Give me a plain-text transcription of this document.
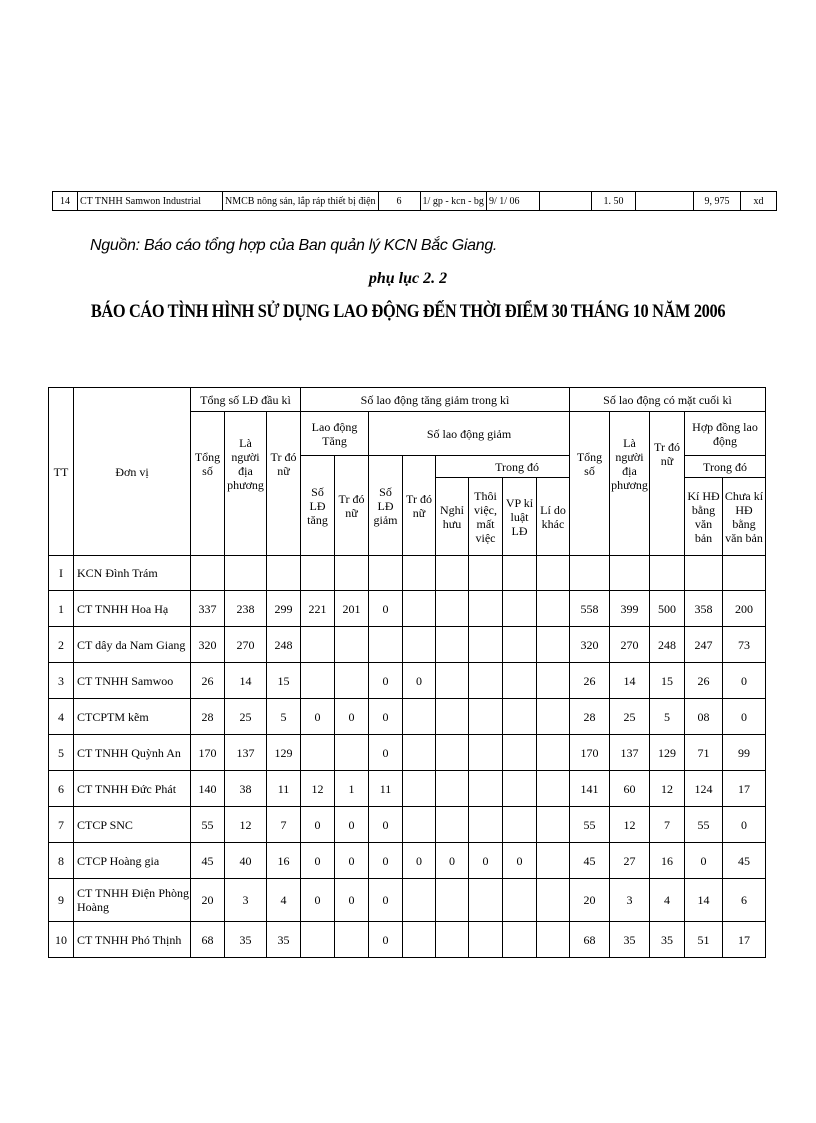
14	CT TNHH Samwon Industrial	NMCB nông sản, lắp ráp thiết bị điện	6	1/ gp - kcn - bg	9/ 1/ 06		1. 50		9, 975	xd
Nguồn: Báo cáo tổng hợp của Ban quản lý KCN Bắc Giang.
phụ lục 2. 2
BÁO CÁO TÌNH HÌNH SỬ DỤNG LAO ĐỘNG ĐẾN THỜI ĐIỂM 30 THÁNG 10 NĂM 2006
TT	Đơn vị	Tổng số LĐ đầu kì			Số lao động tăng giảm trong kì								Số lao động có mặt cuối kì				
		Tổng số	Là người địa phương	Tr đó nữ	Lao động Tăng		Số lao động giảm						Tổng số	Là người địa phương	Tr đó nữ	Hợp đồng lao động	
					Số LĐ tăng	Tr đó nữ	Số LĐ giảm	Tr đó nữ	Trong đó							Trong đó	
									Nghỉ hưu	Thôi việc, mất việc	VP kỉ luật LĐ	Lí do khác				Kí HĐ bằng văn bản	Chưa kí HĐ bằng văn bản

I	KCN Đình Trám																
1	CT TNHH Hoa Hạ	337	238	299	221	201	0						558	399	500	358	200
2	CT dây da Nam Giang	320	270	248									320	270	248	247	73
3	CT TNHH Samwoo	26	14	15			0	0					26	14	15	26	0
4	CTCPTM kẽm	28	25	5	0	0	0						28	25	5	08	0
5	CT TNHH Quỳnh An	170	137	129			0						170	137	129	71	99
6	CT TNHH Đức Phát	140	38	11	12	1	11						141	60	12	124	17
7	CTCP SNC	55	12	7	0	0	0						55	12	7	55	0
8	CTCP Hoàng gia	45	40	16	0	0	0	0	0	0	0		45	27	16	0	45
9	CT TNHH Điện Phòng Hoàng	20	3	4	0	0	0						20	3	4	14	6
10	CT TNHH Phó Thịnh	68	35	35			0						68	35	35	51	17
